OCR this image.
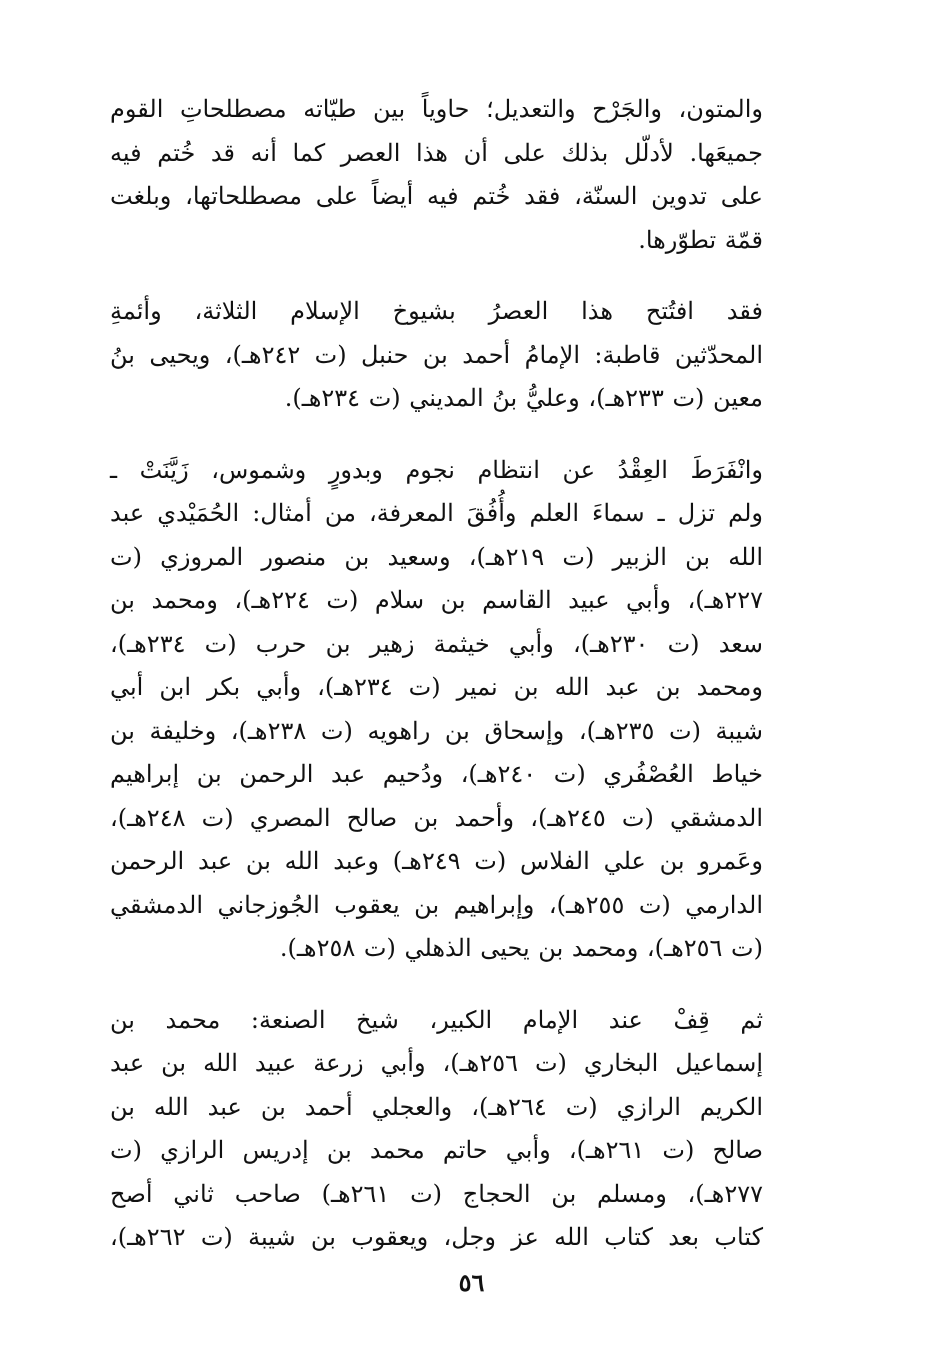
والمتون، والجَرْح والتعديل؛ حاوياً بين طيّاته مصطلحاتِ القوم
جميعَها. لأدلّل بذلك على أن هذا العصر كما أنه قد خُتم فيه
على تدوين السنّة، فقد خُتم فيه أيضاً على مصطلحاتها، وبلغت
قمّة تطوّرها.

فقد افتُتح هذا العصرُ بشيوخ الإسلام الثلاثة، وأئمةِ
المحدّثين قاطبة: الإمامُ أحمد بن حنبل (ت ٢٤٢هـ)، ويحيى بنُ
معين (ت ٢٣٣هـ)، وعليُّ بنُ المديني (ت ٢٣٤هـ).

وانْفَرَطَ العِقْدُ عن انتظام نجوم وبدورٍ وشموس، زَيَّنَتْ ـ
ولم تزل ـ سماءَ العلم وأُفُقَ المعرفة، من أمثال: الحُمَيْدي عبد
الله بن الزبير (ت ٢١٩هـ)، وسعيد بن منصور المروزي (ت
٢٢٧هـ)، وأبي عبيد القاسم بن سلام (ت ٢٢٤هـ)، ومحمد بن
سعد (ت ٢٣٠هـ)، وأبي خيثمة زهير بن حرب (ت ٢٣٤هـ)،
ومحمد بن عبد الله بن نمير (ت ٢٣٤هـ)، وأبي بكر ابن أبي
شيبة (ت ٢٣٥هـ)، وإسحاق بن راهويه (ت ٢٣٨هـ)، وخليفة بن
خياط العُصْفُري (ت ٢٤٠هـ)، ودُحيم عبد الرحمن بن إبراهيم
الدمشقي (ت ٢٤٥هـ)، وأحمد بن صالح المصري (ت ٢٤٨هـ)،
وعَمرو بن علي الفلاس (ت ٢٤٩هـ) وعبد الله بن عبد الرحمن
الدارمي (ت ٢٥٥هـ)، وإبراهيم بن يعقوب الجُوزجاني الدمشقي
(ت ٢٥٦هـ)، ومحمد بن يحيى الذهلي (ت ٢٥٨هـ).

ثم قِفْ عند الإمام الكبير، شيخ الصنعة: محمد بن
إسماعيل البخاري (ت ٢٥٦هـ)، وأبي زرعة عبيد الله بن عبد
الكريم الرازي (ت ٢٦٤هـ)، والعجلي أحمد بن عبد الله بن
صالح (ت ٢٦١هـ)، وأبي حاتم محمد بن إدريس الرازي (ت
٢٧٧هـ)، ومسلم بن الحجاج (ت ٢٦١هـ) صاحب ثاني أصح
كتاب بعد كتاب الله عز وجل، ويعقوب بن شيبة (ت ٢٦٢هـ)،

٥٦
